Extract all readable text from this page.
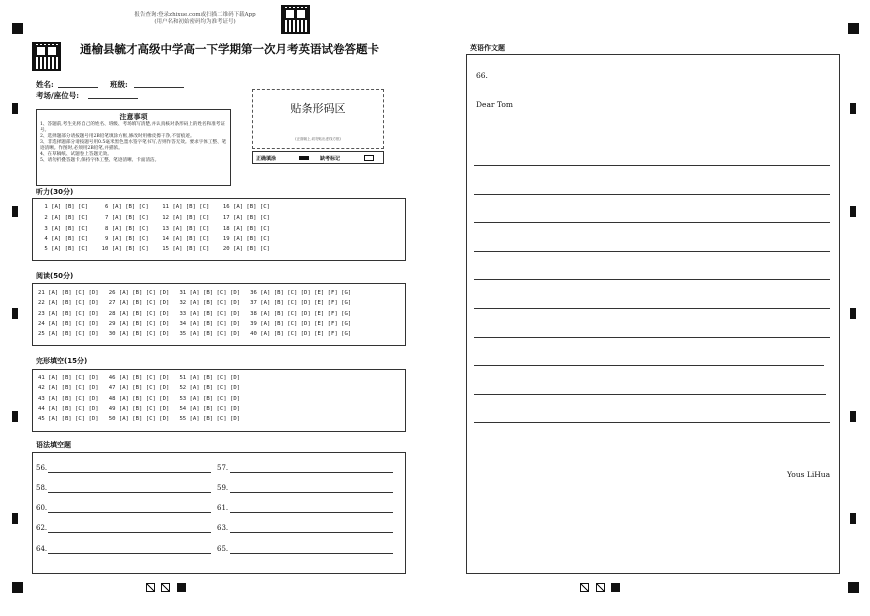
报告查询:登录zhixue.com或扫描二维码下载App
(用户名和初始密码均为准考证号)
通榆县毓才高级中学高一下学期第一次月考英语试卷答题卡
姓名:	班级:
考场/座位号:
注意事项
1、答题前,考生先将自己的姓名、班级、考场填写清楚,并认真核对条形码上的姓名和准考证号。
2、选择题部分请按题号用2B铅笔填涂方框,修改时用橡皮擦干净,不留痕迹。
3、非选择题部分请按题号用0.5毫米黑色墨水签字笔书写,否则作答无效。要求字体工整、笔迹清晰。作图时,必须用2B铅笔,并描浓。
4、在草稿纸、试题卷上答题无效。
5、请勿折叠答题卡,保持字体工整、笔迹清晰、卡面清洁。
贴条形码区
(正面朝上,切勿贴出虚线方框)
正确填涂	缺考标记
听力(30分)
1 [A] [B] [C]     6 [A] [B] [C]    11 [A] [B] [C]    16 [A] [B] [C]
2 [A] [B] [C]     7 [A] [B] [C]    12 [A] [B] [C]    17 [A] [B] [C]
3 [A] [B] [C]     8 [A] [B] [C]    13 [A] [B] [C]    18 [A] [B] [C]
4 [A] [B] [C]     9 [A] [B] [C]    14 [A] [B] [C]    19 [A] [B] [C]
5 [A] [B] [C]    10 [A] [B] [C]    15 [A] [B] [C]    20 [A] [B] [C]
阅读(50分)
21 [A] [B] [C] [D]   26 [A] [B] [C] [D]   31 [A] [B] [C] [D]   36 [A] [B] [C] [D] [E] [F] [G]
22 [A] [B] [C] [D]   27 [A] [B] [C] [D]   32 [A] [B] [C] [D]   37 [A] [B] [C] [D] [E] [F] [G]
23 [A] [B] [C] [D]   28 [A] [B] [C] [D]   33 [A] [B] [C] [D]   38 [A] [B] [C] [D] [E] [F] [G]
24 [A] [B] [C] [D]   29 [A] [B] [C] [D]   34 [A] [B] [C] [D]   39 [A] [B] [C] [D] [E] [F] [G]
25 [A] [B] [C] [D]   30 [A] [B] [C] [D]   35 [A] [B] [C] [D]   40 [A] [B] [C] [D] [E] [F] [G]
完形填空(15分)
41 [A] [B] [C] [D]   46 [A] [B] [C] [D]   51 [A] [B] [C] [D]
42 [A] [B] [C] [D]   47 [A] [B] [C] [D]   52 [A] [B] [C] [D]
43 [A] [B] [C] [D]   48 [A] [B] [C] [D]   53 [A] [B] [C] [D]
44 [A] [B] [C] [D]   49 [A] [B] [C] [D]   54 [A] [B] [C] [D]
45 [A] [B] [C] [D]   50 [A] [B] [C] [D]   55 [A] [B] [C] [D]
语法填空题
56.	57.
58.	59.
60.	61.
62.	63.
64.	65.
英语作文题
66.
Dear Tom
Yous LiHua
